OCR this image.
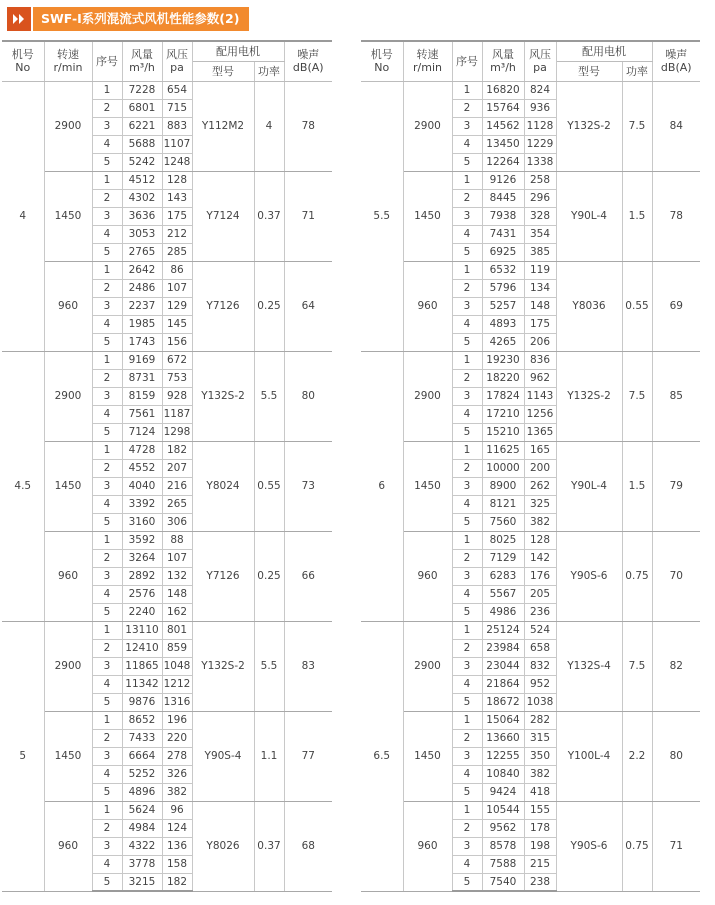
SWF-I系列混流式风机性能参数(2)
机号
No	转速
r/min	序号	风量
m³/h	风压
pa	配用电机		噪声
dB(A)
					型号	功率	
4	2900	1	7228	654	Y112M2	4	78
		2	6801	715			
		3	6221	883			
		4	5688	1107			
		5	5242	1248			
	1450	1	4512	128	Y7124	0.37	71
		2	4302	143			
		3	3636	175			
		4	3053	212			
		5	2765	285			
	960	1	2642	86	Y7126	0.25	64
		2	2486	107			
		3	2237	129			
		4	1985	145			
		5	1743	156			
4.5	2900	1	9169	672	Y132S-2	5.5	80
		2	8731	753			
		3	8159	928			
		4	7561	1187			
		5	7124	1298			
	1450	1	4728	182	Y8024	0.55	73
		2	4552	207			
		3	4040	216			
		4	3392	265			
		5	3160	306			
	960	1	3592	88	Y7126	0.25	66
		2	3264	107			
		3	2892	132			
		4	2576	148			
		5	2240	162			
5	2900	1	13110	801	Y132S-2	5.5	83
		2	12410	859			
		3	11865	1048			
		4	11342	1212			
		5	9876	1316			
	1450	1	8652	196	Y90S-4	1.1	77
		2	7433	220			
		3	6664	278			
		4	5252	326			
		5	4896	382			
	960	1	5624	96	Y8026	0.37	68
		2	4984	124			
		3	4322	136			
		4	3778	158			
		5	3215	182			
机号
No	转速
r/min	序号	风量
m³/h	风压
pa	配用电机		噪声
dB(A)
					型号	功率	
5.5	2900	1	16820	824	Y132S-2	7.5	84
		2	15764	936			
		3	14562	1128			
		4	13450	1229			
		5	12264	1338			
	1450	1	9126	258	Y90L-4	1.5	78
		2	8445	296			
		3	7938	328			
		4	7431	354			
		5	6925	385			
	960	1	6532	119	Y8036	0.55	69
		2	5796	134			
		3	5257	148			
		4	4893	175			
		5	4265	206			
6	2900	1	19230	836	Y132S-2	7.5	85
		2	18220	962			
		3	17824	1143			
		4	17210	1256			
		5	15210	1365			
	1450	1	11625	165	Y90L-4	1.5	79
		2	10000	200			
		3	8900	262			
		4	8121	325			
		5	7560	382			
	960	1	8025	128	Y90S-6	0.75	70
		2	7129	142			
		3	6283	176			
		4	5567	205			
		5	4986	236			
6.5	2900	1	25124	524	Y132S-4	7.5	82
		2	23984	658			
		3	23044	832			
		4	21864	952			
		5	18672	1038			
	1450	1	15064	282	Y100L-4	2.2	80
		2	13660	315			
		3	12255	350			
		4	10840	382			
		5	9424	418			
	960	1	10544	155	Y90S-6	0.75	71
		2	9562	178			
		3	8578	198			
		4	7588	215			
		5	7540	238			
